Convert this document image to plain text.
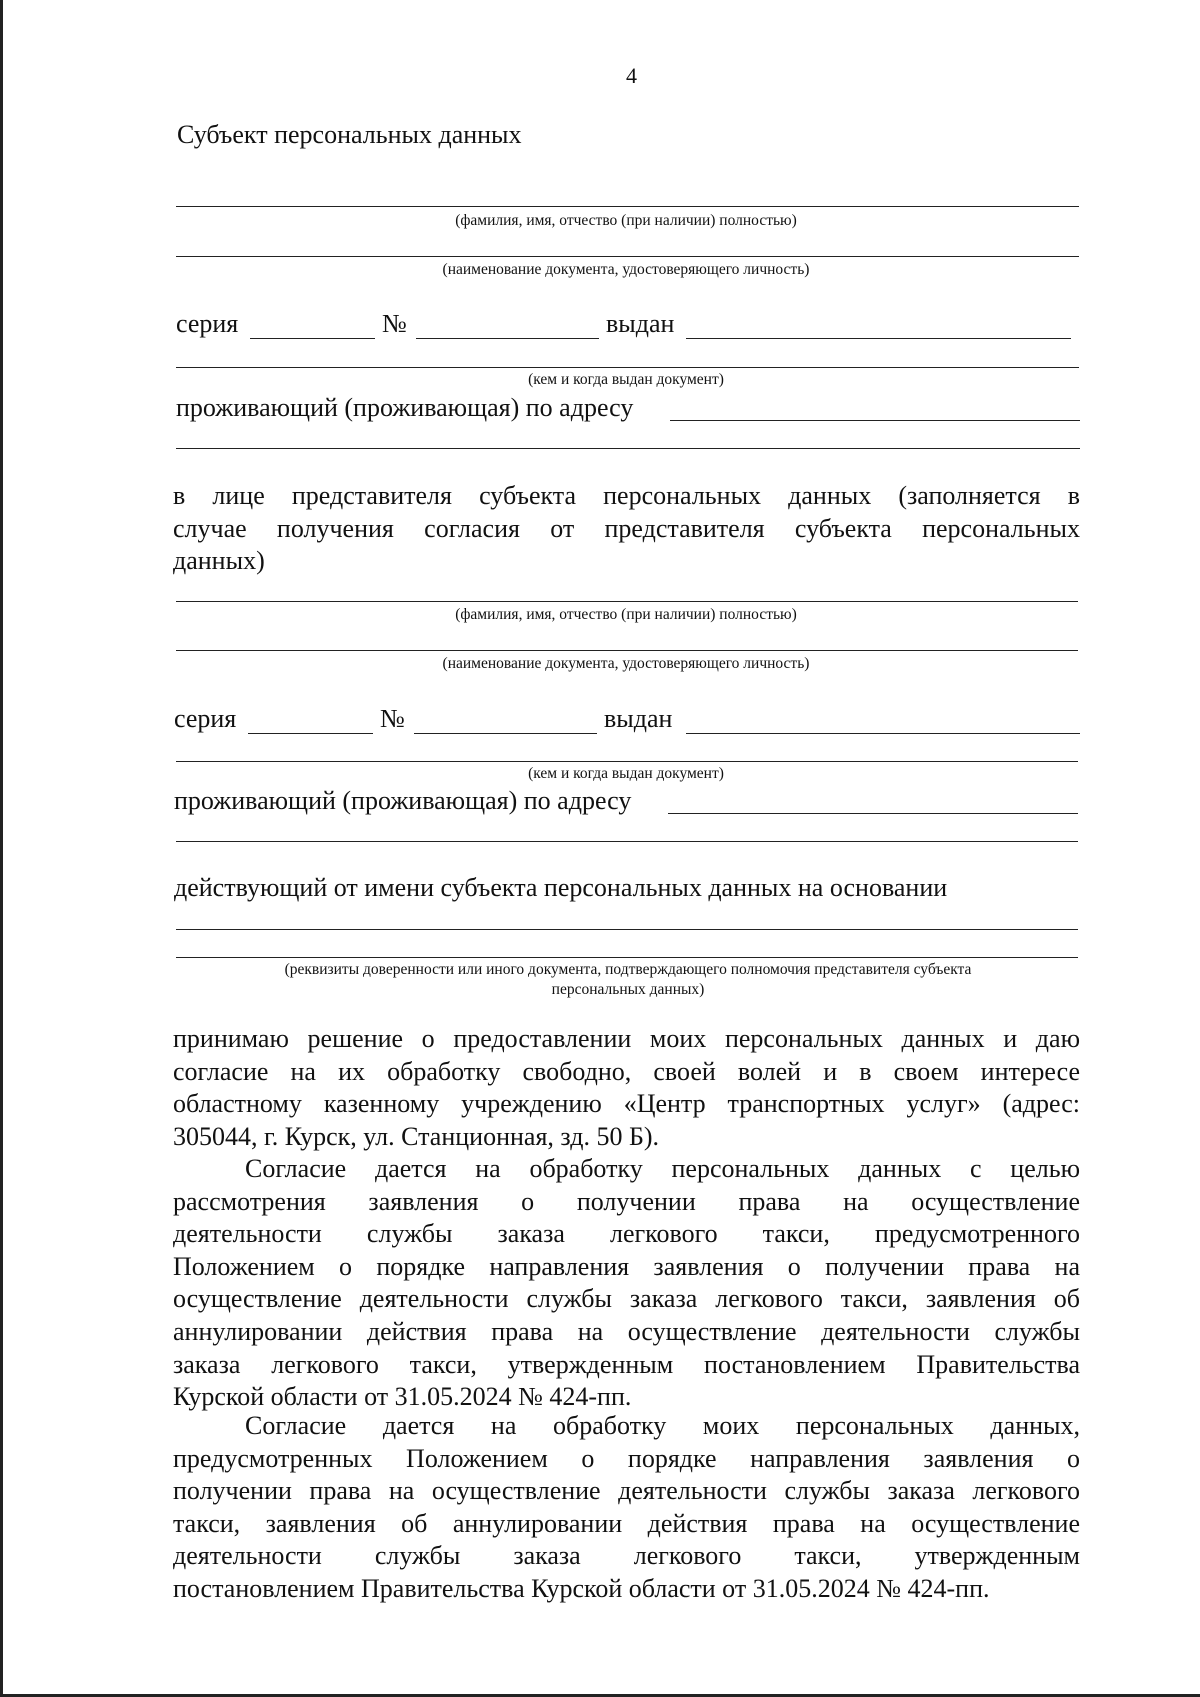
4
Субъект персональных данных
(фамилия, имя, отчество (при наличии) полностью)
(наименование документа, удостоверяющего личность)
серия	№	выдан
(кем и когда выдан документ)
проживающий (проживающая) по адресу
в лице представителя субъекта персональных данных (заполняется в
случае получения согласия от представителя субъекта персональных
данных)
(фамилия, имя, отчество (при наличии) полностью)
(наименование документа, удостоверяющего личность)
серия	№	выдан
(кем и когда выдан документ)
проживающий (проживающая) по адресу
действующий от имени субъекта персональных данных на основании
(реквизиты доверенности или иного документа, подтверждающего полномочия представителя субъекта
персональных данных)
принимаю решение о предоставлении моих персональных данных и даю
согласие на их обработку свободно, своей волей и в своем интересе
областному казенному учреждению «Центр транспортных услуг» (адрес:
305044, г. Курск, ул. Станционная, зд. 50 Б).
Согласие дается на обработку персональных данных с целью
рассмотрения заявления о получении права на осуществление
деятельности службы заказа легкового такси, предусмотренного
Положением о порядке направления заявления о получении права на
осуществление деятельности службы заказа легкового такси, заявления об
аннулировании действия права на осуществление деятельности службы
заказа легкового такси, утвержденным постановлением Правительства
Курской области от 31.05.2024 № 424-пп.
Согласие дается на обработку моих персональных данных,
предусмотренных Положением о порядке направления заявления о
получении права на осуществление деятельности службы заказа легкового
такси, заявления об аннулировании действия права на осуществление
деятельности службы заказа легкового такси, утвержденным
постановлением Правительства Курской области от 31.05.2024 № 424-пп.
